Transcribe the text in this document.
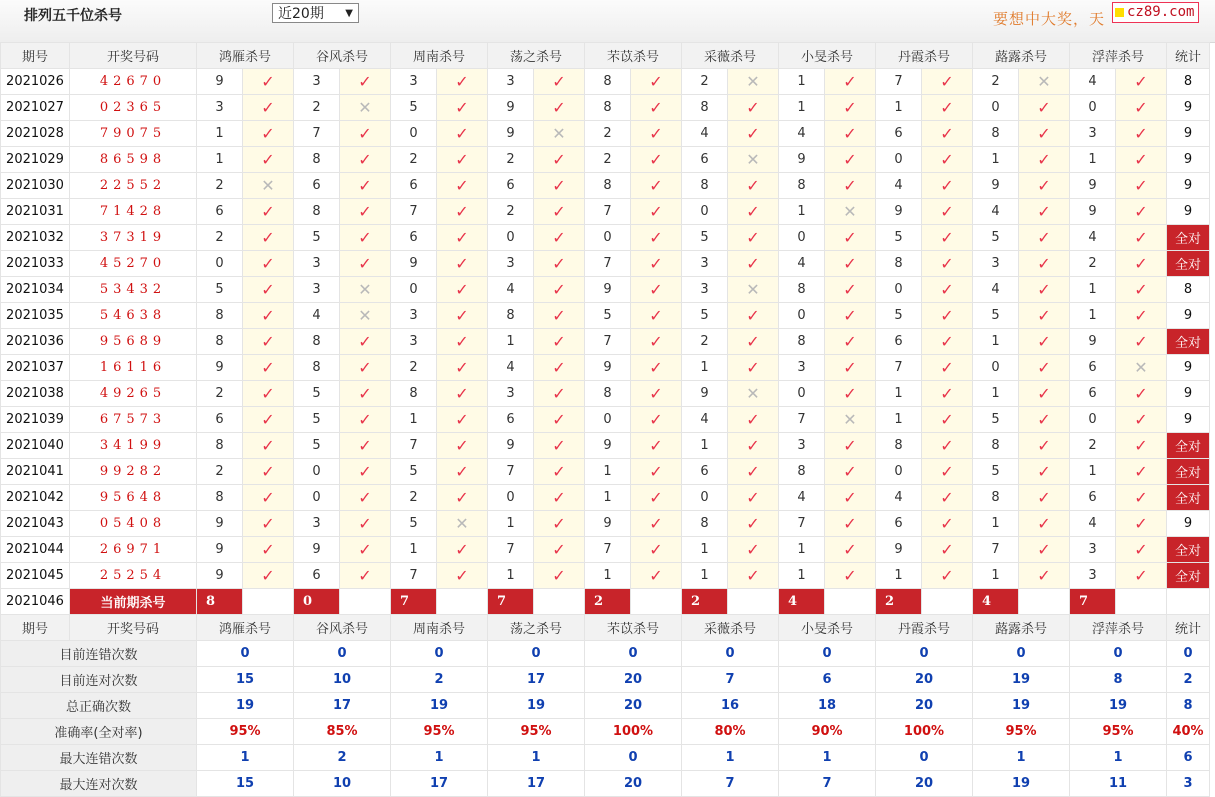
排列五千位杀号	近20期 ▼	要想中大奖，天	cz89.com
期号	开奖号码	鸿雁杀号		谷风杀号		周南杀号		荡之杀号		芣苡杀号		采薇杀号		小旻杀号		丹霞杀号		蕗露杀号		浮萍杀号		统计
2021026	42670	9	✓	3	✓	3	✓	3	✓	8	✓	2	✕	1	✓	7	✓	2	✕	4	✓	8
2021027	02365	3	✓	2	✕	5	✓	9	✓	8	✓	8	✓	1	✓	1	✓	0	✓	0	✓	9
2021028	79075	1	✓	7	✓	0	✓	9	✕	2	✓	4	✓	4	✓	6	✓	8	✓	3	✓	9
2021029	86598	1	✓	8	✓	2	✓	2	✓	2	✓	6	✕	9	✓	0	✓	1	✓	1	✓	9
2021030	22552	2	✕	6	✓	6	✓	6	✓	8	✓	8	✓	8	✓	4	✓	9	✓	9	✓	9
2021031	71428	6	✓	8	✓	7	✓	2	✓	7	✓	0	✓	1	✕	9	✓	4	✓	9	✓	9
2021032	37319	2	✓	5	✓	6	✓	0	✓	0	✓	5	✓	0	✓	5	✓	5	✓	4	✓	全对
2021033	45270	0	✓	3	✓	9	✓	3	✓	7	✓	3	✓	4	✓	8	✓	3	✓	2	✓	全对
2021034	53432	5	✓	3	✕	0	✓	4	✓	9	✓	3	✕	8	✓	0	✓	4	✓	1	✓	8
2021035	54638	8	✓	4	✕	3	✓	8	✓	5	✓	5	✓	0	✓	5	✓	5	✓	1	✓	9
2021036	95689	8	✓	8	✓	3	✓	1	✓	7	✓	2	✓	8	✓	6	✓	1	✓	9	✓	全对
2021037	16116	9	✓	8	✓	2	✓	4	✓	9	✓	1	✓	3	✓	7	✓	0	✓	6	✕	9
2021038	49265	2	✓	5	✓	8	✓	3	✓	8	✓	9	✕	0	✓	1	✓	1	✓	6	✓	9
2021039	67573	6	✓	5	✓	1	✓	6	✓	0	✓	4	✓	7	✕	1	✓	5	✓	0	✓	9
2021040	34199	8	✓	5	✓	7	✓	9	✓	9	✓	1	✓	3	✓	8	✓	8	✓	2	✓	全对
2021041	99282	2	✓	0	✓	5	✓	7	✓	1	✓	6	✓	8	✓	0	✓	5	✓	1	✓	全对
2021042	95648	8	✓	0	✓	2	✓	0	✓	1	✓	0	✓	4	✓	4	✓	8	✓	6	✓	全对
2021043	05408	9	✓	3	✓	5	✕	1	✓	9	✓	8	✓	7	✓	6	✓	1	✓	4	✓	9
2021044	26971	9	✓	9	✓	1	✓	7	✓	7	✓	1	✓	1	✓	9	✓	7	✓	3	✓	全对
2021045	25254	9	✓	6	✓	7	✓	1	✓	1	✓	1	✓	1	✓	1	✓	1	✓	3	✓	全对
2021046	当前期杀号	8		0		7		7		2		2		4		2		4		7		
期号	开奖号码	鸿雁杀号		谷风杀号		周南杀号		荡之杀号		芣苡杀号		采薇杀号		小旻杀号		丹霞杀号		蕗露杀号		浮萍杀号		统计
目前连错次数		0		0		0		0		0		0		0		0		0		0		0
目前连对次数		15		10		2		17		20		7		6		20		19		8		2
总正确次数		19		17		19		19		20		16		18		20		19		19		8
准确率(全对率)		95%		85%		95%		95%		100%		80%		90%		100%		95%		95%		40%
最大连错次数		1		2		1		1		0		1		1		0		1		1		6
最大连对次数		15		10		17		17		20		7		7		20		19		11		3
